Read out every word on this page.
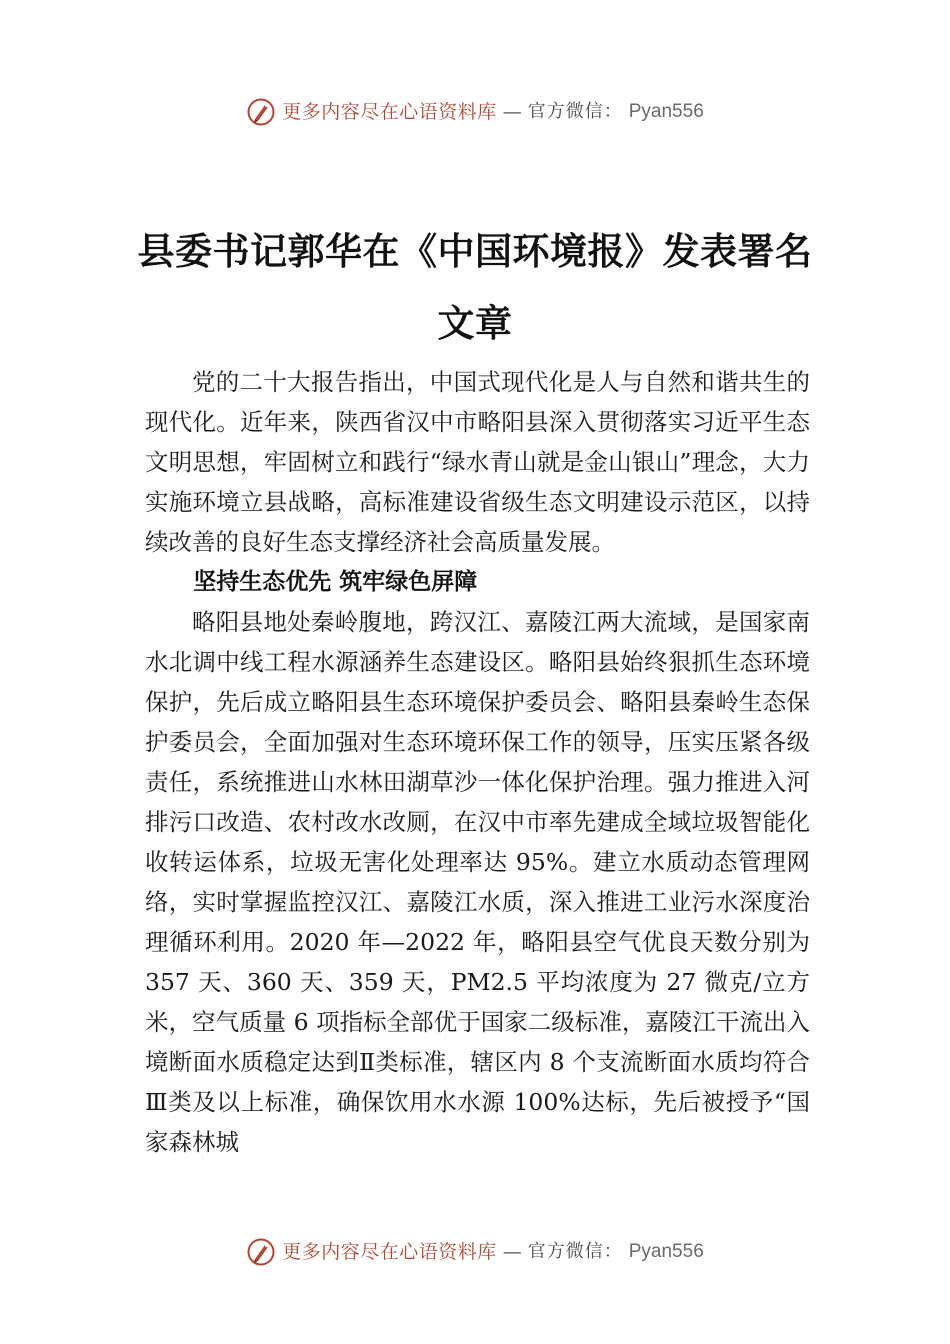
更多内容尽在心语资料库 — 官方微信： Pyan556
县委书记郭华在《中国环境报》发表署名文章

党的二十大报告指出，中国式现代化是人与自然和谐共生的现代化。近年来，陕西省汉中市略阳县深入贯彻落实习近平生态文明思想，牢固树立和践行“绿水青山就是金山银山”理念，大力实施环境立县战略，高标准建设省级生态文明建设示范区，以持续改善的良好生态支撑经济社会高质量发展。

坚持生态优先 筑牢绿色屏障

略阳县地处秦岭腹地，跨汉江、嘉陵江两大流域，是国家南水北调中线工程水源涵养生态建设区。略阳县始终狠抓生态环境保护，先后成立略阳县生态环境保护委员会、略阳县秦岭生态保护委员会，全面加强对生态环境环保工作的领导，压实压紧各级责任，系统推进山水林田湖草沙一体化保护治理。强力推进入河排污口改造、农村改水改厕，在汉中市率先建成全域垃圾智能化收转运体系，垃圾无害化处理率达 95%。建立水质动态管理网络，实时掌握监控汉江、嘉陵江水质，深入推进工业污水深度治理循环利用。2020 年—2022 年，略阳县空气优良天数分别为 357 天、360 天、359 天，PM2.5 平均浓度为 27 微克/立方米，空气质量 6 项指标全部优于国家二级标准，嘉陵江干流出入境断面水质稳定达到Ⅱ类标准，辖区内 8 个支流断面水质均符合Ⅲ类及以上标准，确保饮用水水源 100%达标，先后被授予“国家森林城

更多内容尽在心语资料库 — 官方微信： Pyan556
